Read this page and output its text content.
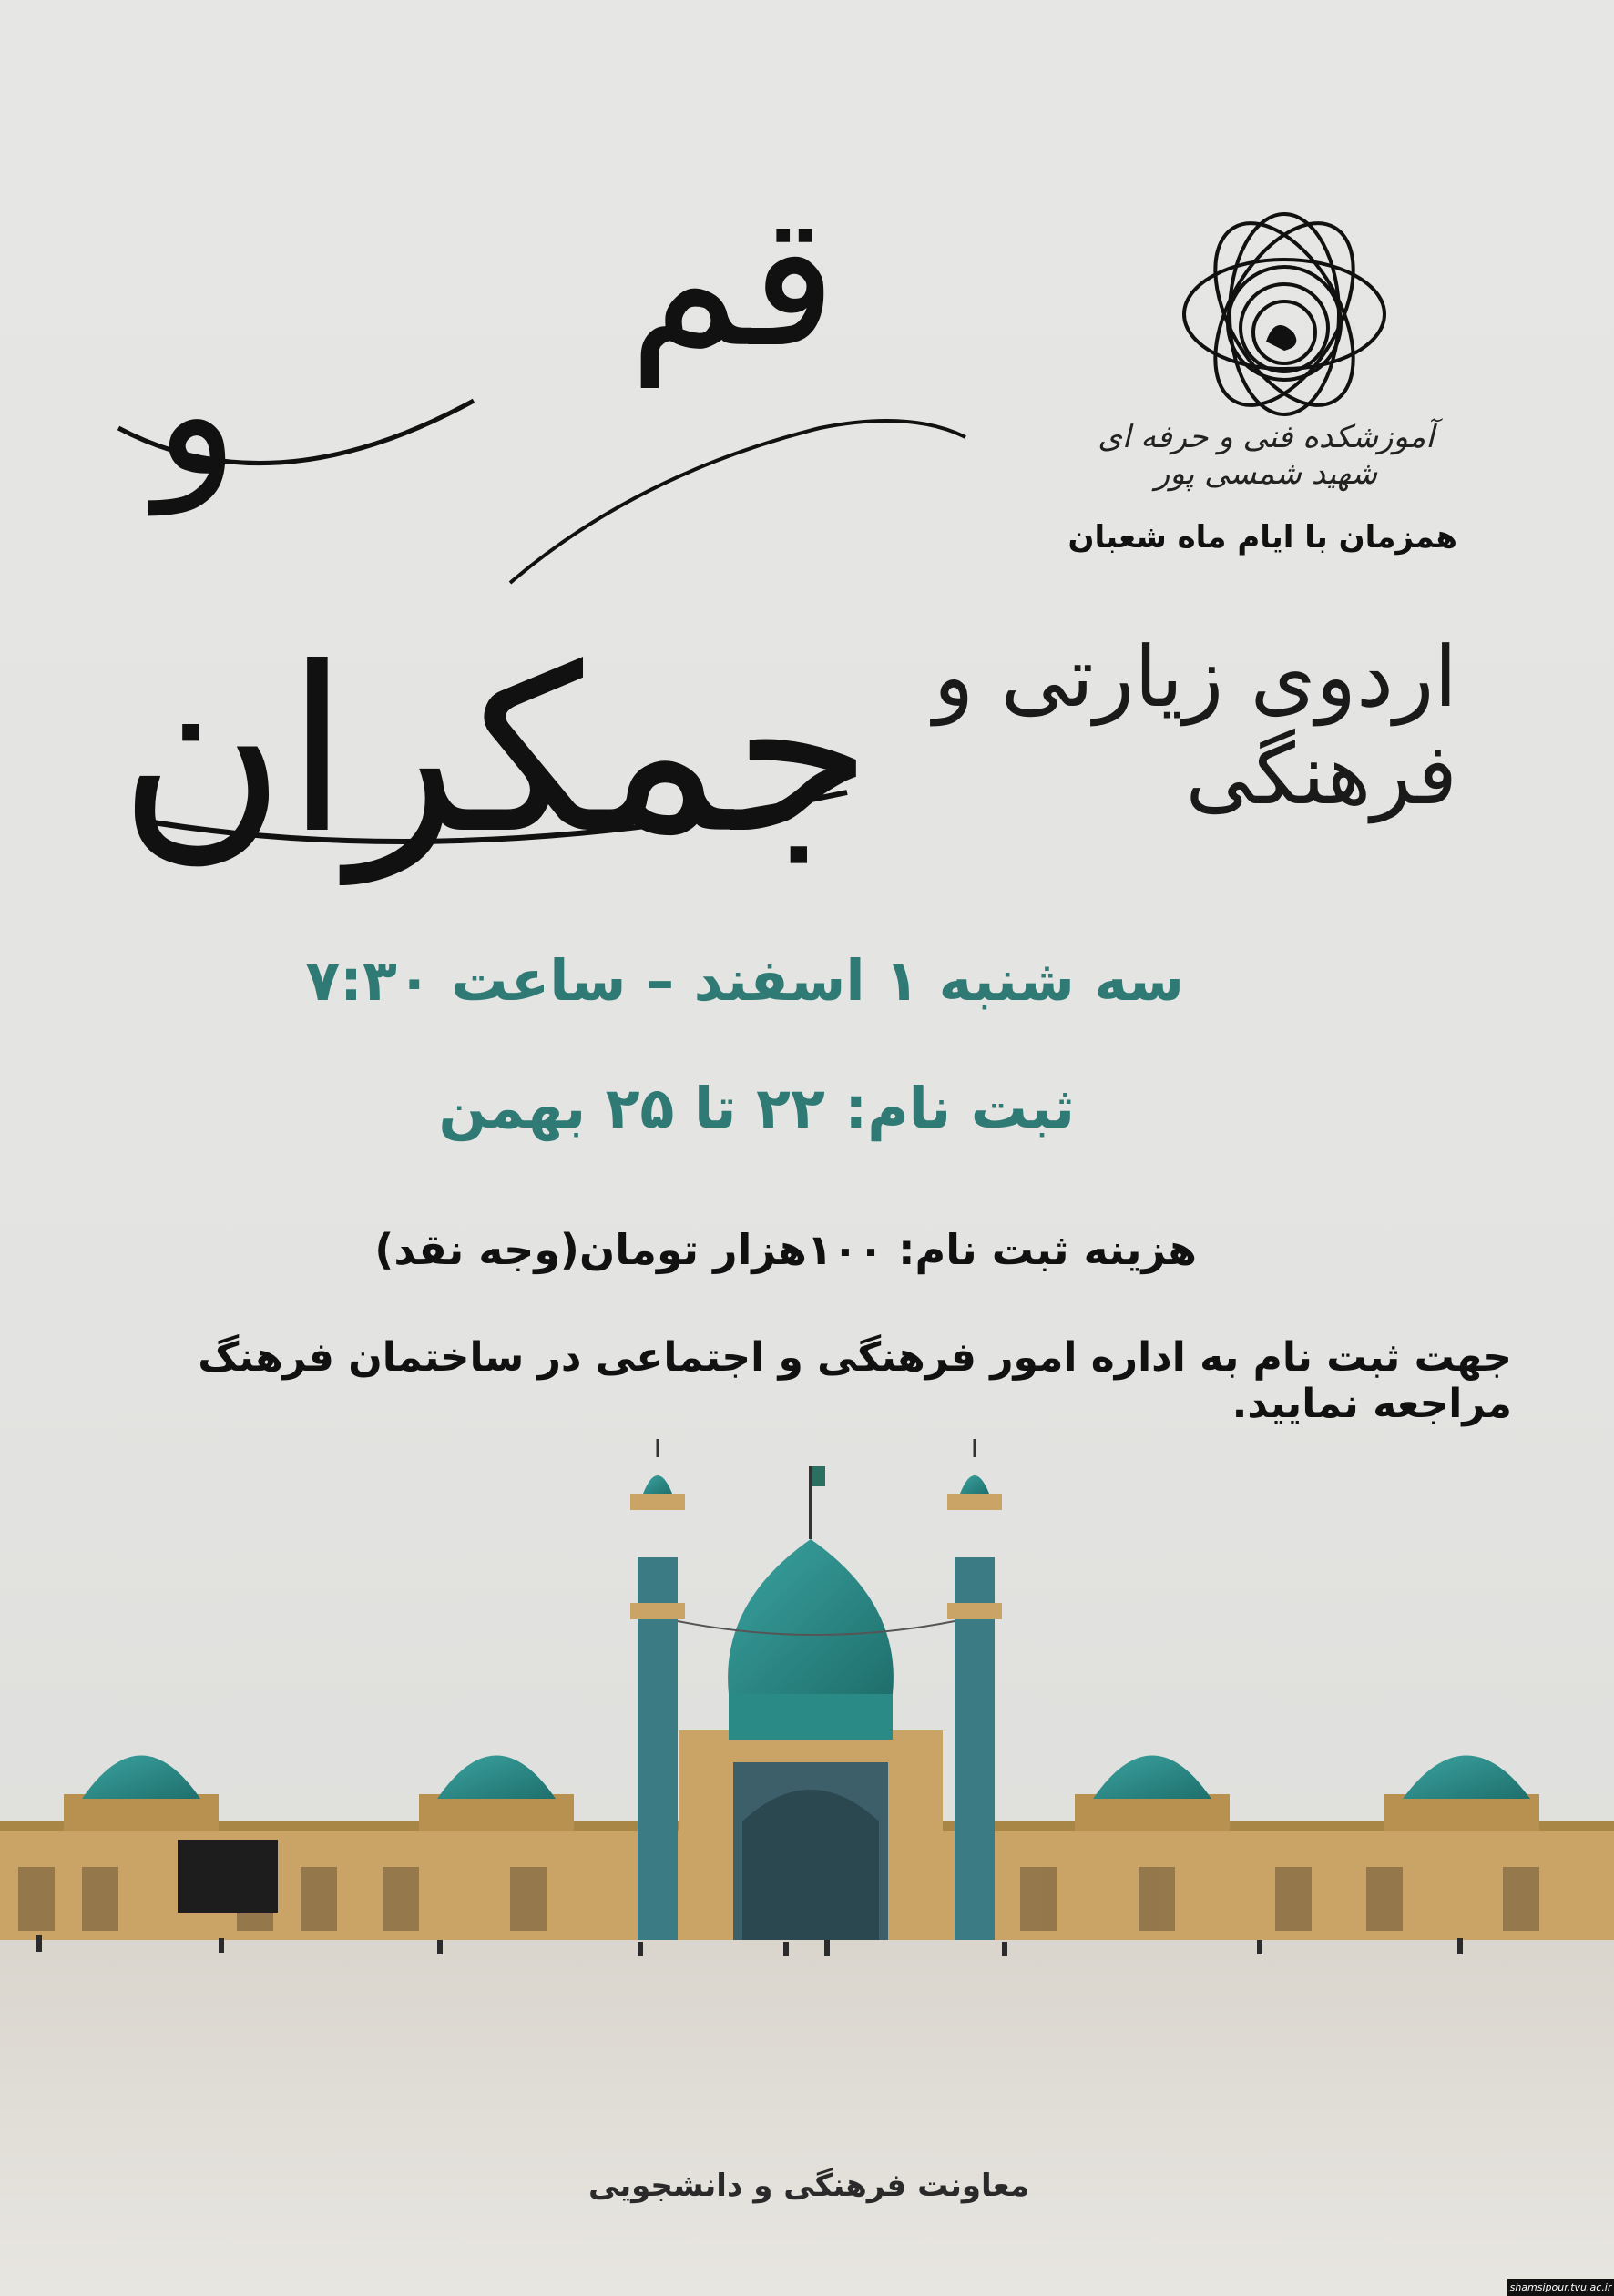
آموزشکده فنی و حرفه ای شهید شمسی پور
همزمان با ایام ماه شعبان
قم
و
اردوی زیارتی و فرهنگی
جمکران
سه شنبه ۱ اسفند – ساعت ۷:۳۰
ثبت نام: ۲۲ تا ۲۵ بهمن
هزینه ثبت نام: ۱۰۰هزار تومان(وجه نقد)
جهت ثبت نام به اداره امور فرهنگی و اجتماعی در ساختمان فرهنگ مراجعه نمایید.
معاونت فرهنگی و دانشجویی
shamsipour.tvu.ac.ir
